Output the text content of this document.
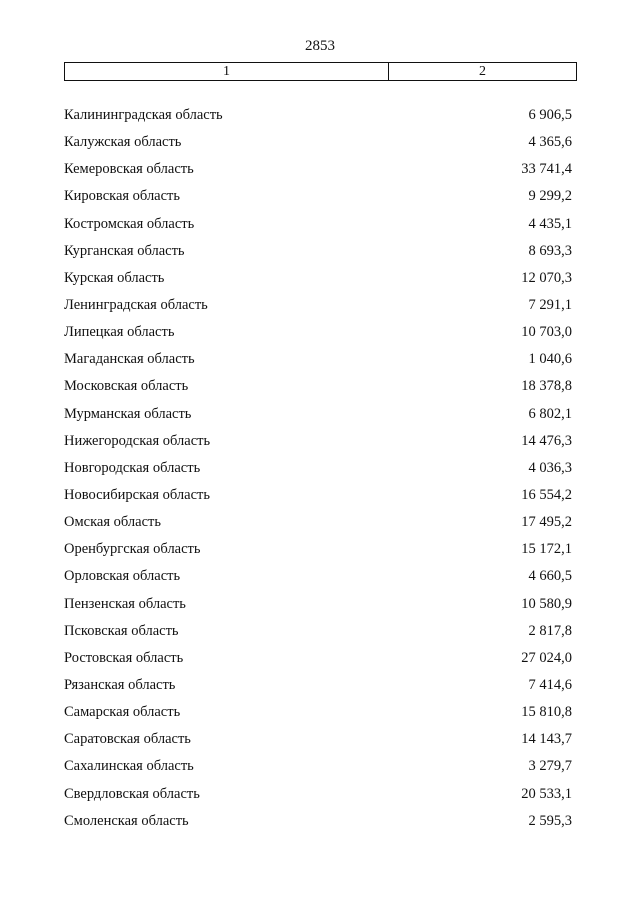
2853
1	2
Калининградская область	6 906,5
Калужская область	4 365,6
Кемеровская область	33 741,4
Кировская область	9 299,2
Костромская область	4 435,1
Курганская область	8 693,3
Курская область	12 070,3
Ленинградская область	7 291,1
Липецкая область	10 703,0
Магаданская область	1 040,6
Московская область	18 378,8
Мурманская область	6 802,1
Нижегородская область	14 476,3
Новгородская область	4 036,3
Новосибирская область	16 554,2
Омская область	17 495,2
Оренбургская область	15 172,1
Орловская область	4 660,5
Пензенская область	10 580,9
Псковская область	2 817,8
Ростовская область	27 024,0
Рязанская область	7 414,6
Самарская область	15 810,8
Саратовская область	14 143,7
Сахалинская область	3 279,7
Свердловская область	20 533,1
Смоленская область	2 595,3
